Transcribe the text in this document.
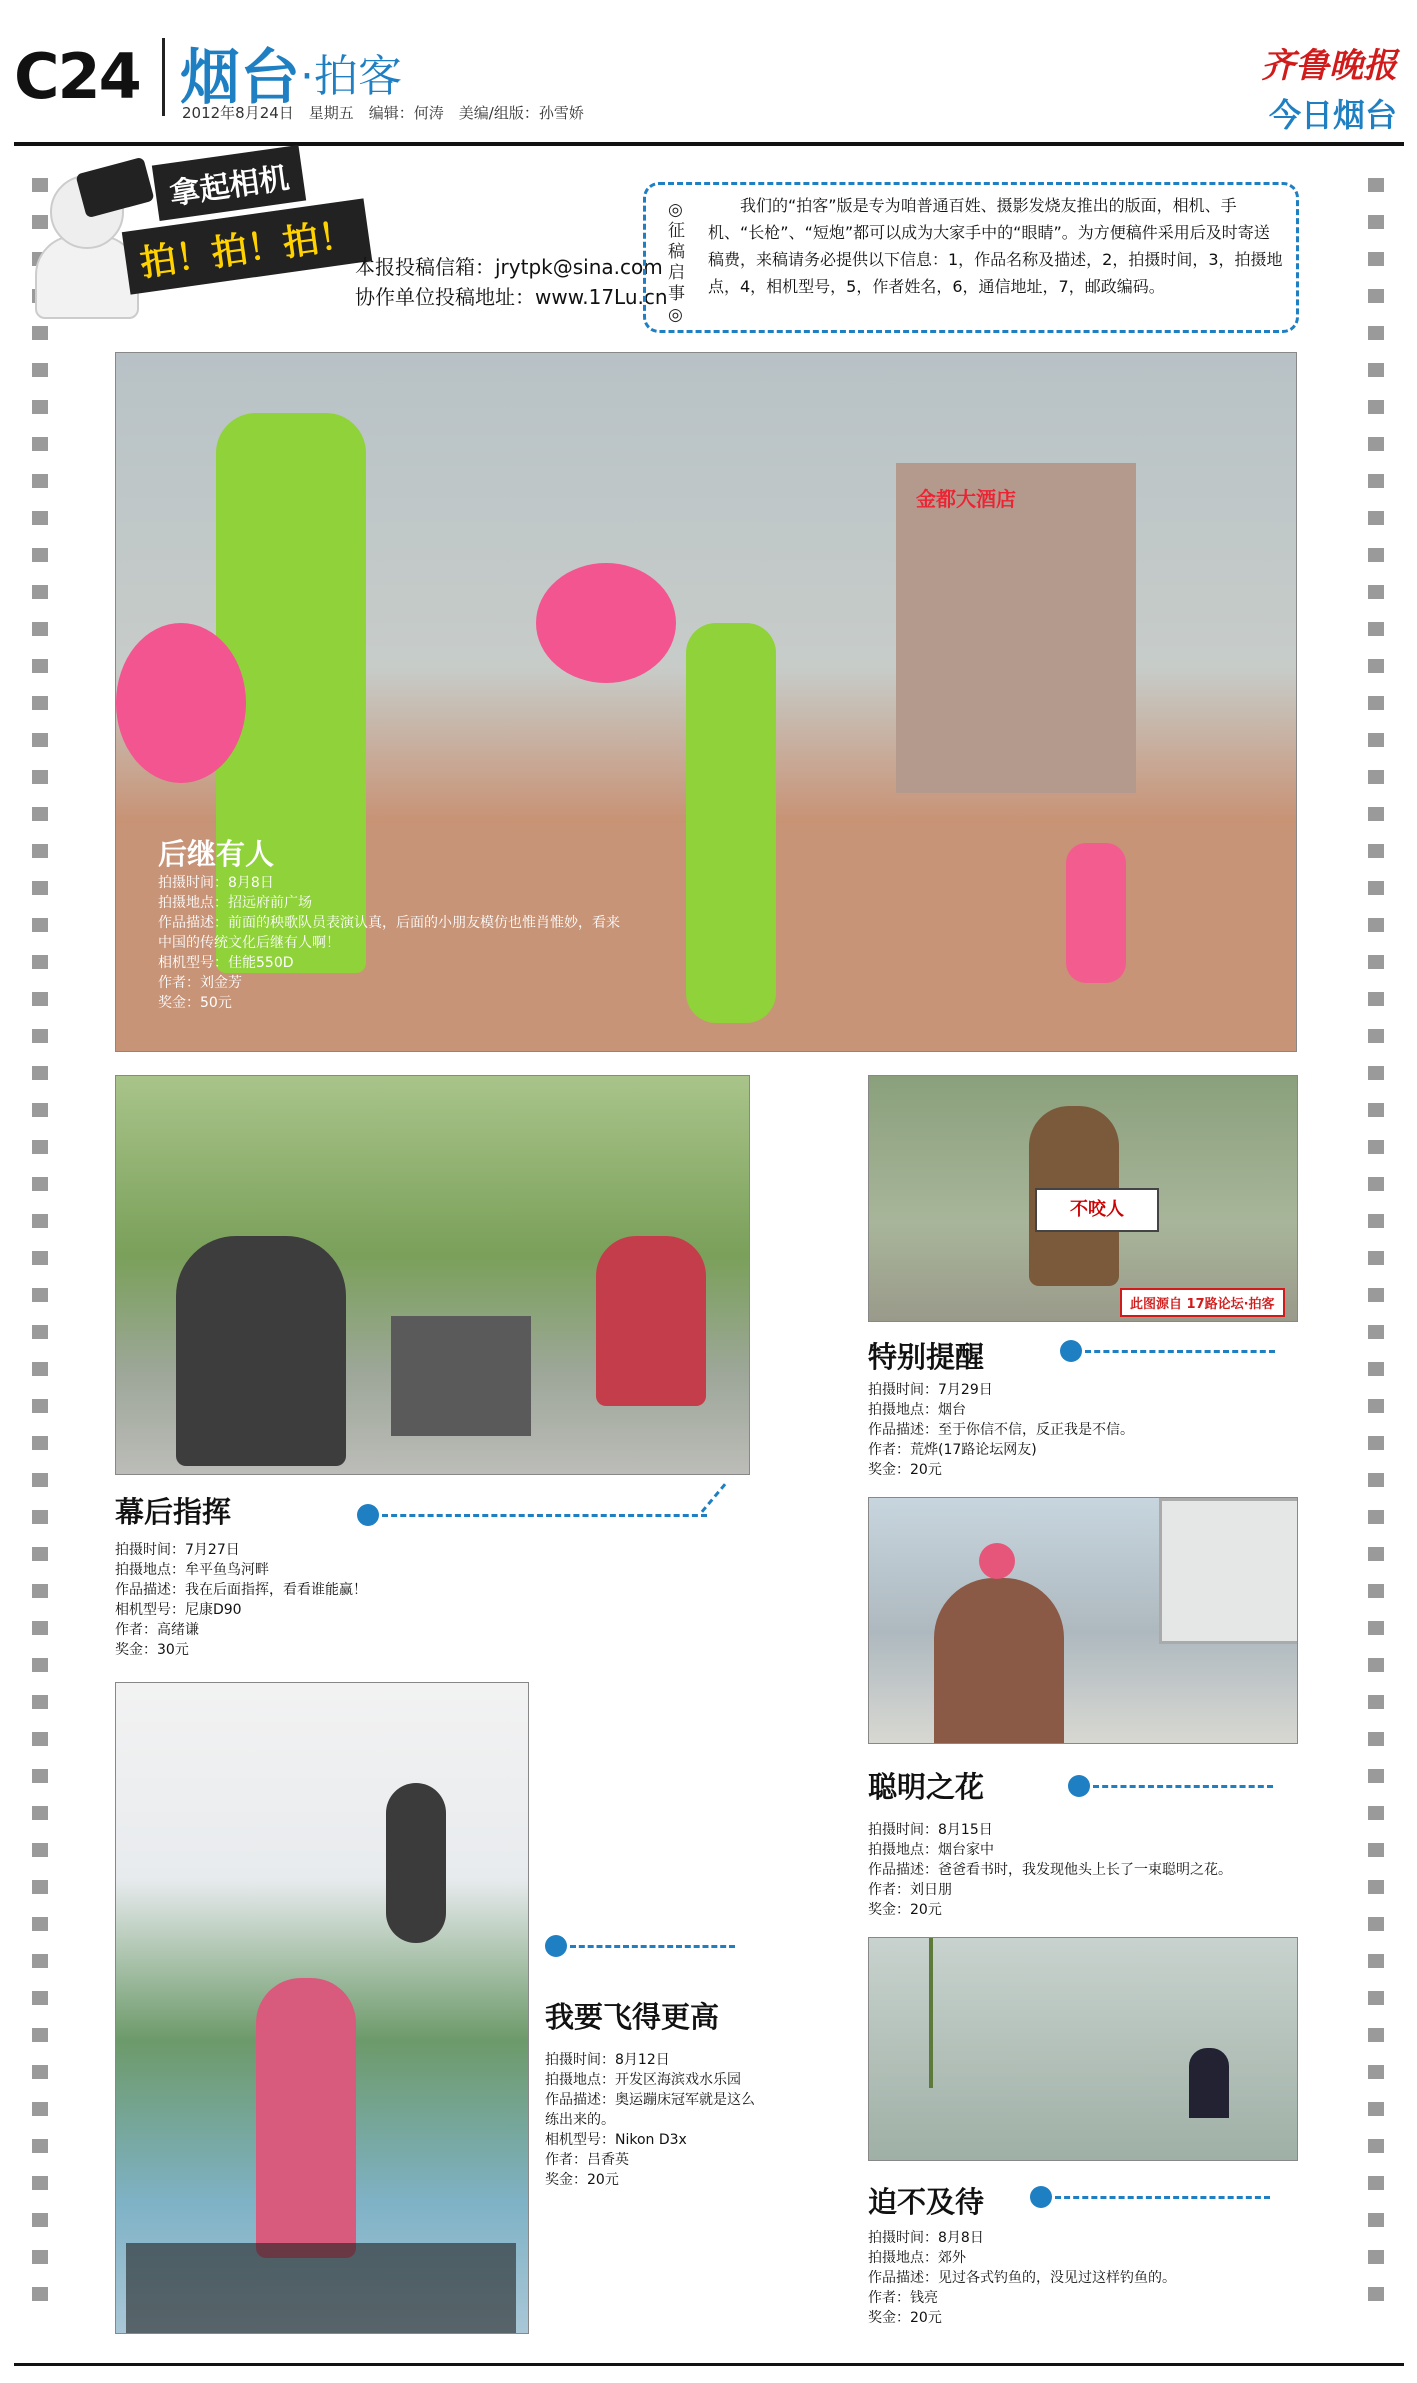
C24 烟台 ·拍客
2012年8月24日　星期五　编辑：何涛　美编/组版：孙雪娇
齐鲁晚报
今日烟台
拿起相机
拍！拍！拍！
本报投稿信箱：jrytpk@sina.com
协作单位投稿地址：www.17Lu.cn
◎征稿启事◎
我们的“拍客”版是专为咱普通百姓、摄影发烧友推出的版面，相机、手机、“长枪”、“短炮”都可以成为大家手中的“眼睛”。为方便稿件采用后及时寄送稿费，来稿请务必提供以下信息：1，作品名称及描述，2，拍摄时间，3，拍摄地点，4，相机型号，5，作者姓名，6，通信地址，7，邮政编码。
金都大酒店
后继有人
拍摄时间：8月8日
拍摄地点：招远府前广场
作品描述：前面的秧歌队员表演认真，后面的小朋友模仿也惟肖惟妙，看来中国的传统文化后继有人啊！
相机型号：佳能550D
作者：刘金芳
奖金：50元
幕后指挥
拍摄时间：7月27日
拍摄地点：牟平鱼鸟河畔
作品描述：我在后面指挥，看看谁能赢！
相机型号：尼康D90
作者：高绪谦
奖金：30元
不咬人
此图源自 17路论坛·拍客
特别提醒
拍摄时间：7月29日
拍摄地点：烟台
作品描述：至于你信不信，反正我是不信。
作者：荒烨(17路论坛网友)
奖金：20元
聪明之花
拍摄时间：8月15日
拍摄地点：烟台家中
作品描述：爸爸看书时，我发现他头上长了一束聪明之花。
作者：刘日朋
奖金：20元
我要飞得更高
拍摄时间：8月12日
拍摄地点：开发区海滨戏水乐园
作品描述：奥运蹦床冠军就是这么练出来的。
相机型号：Nikon D3x
作者：吕香英
奖金：20元
迫不及待
拍摄时间：8月8日
拍摄地点：郊外
作品描述：见过各式钓鱼的，没见过这样钓鱼的。
作者：钱亮
奖金：20元
